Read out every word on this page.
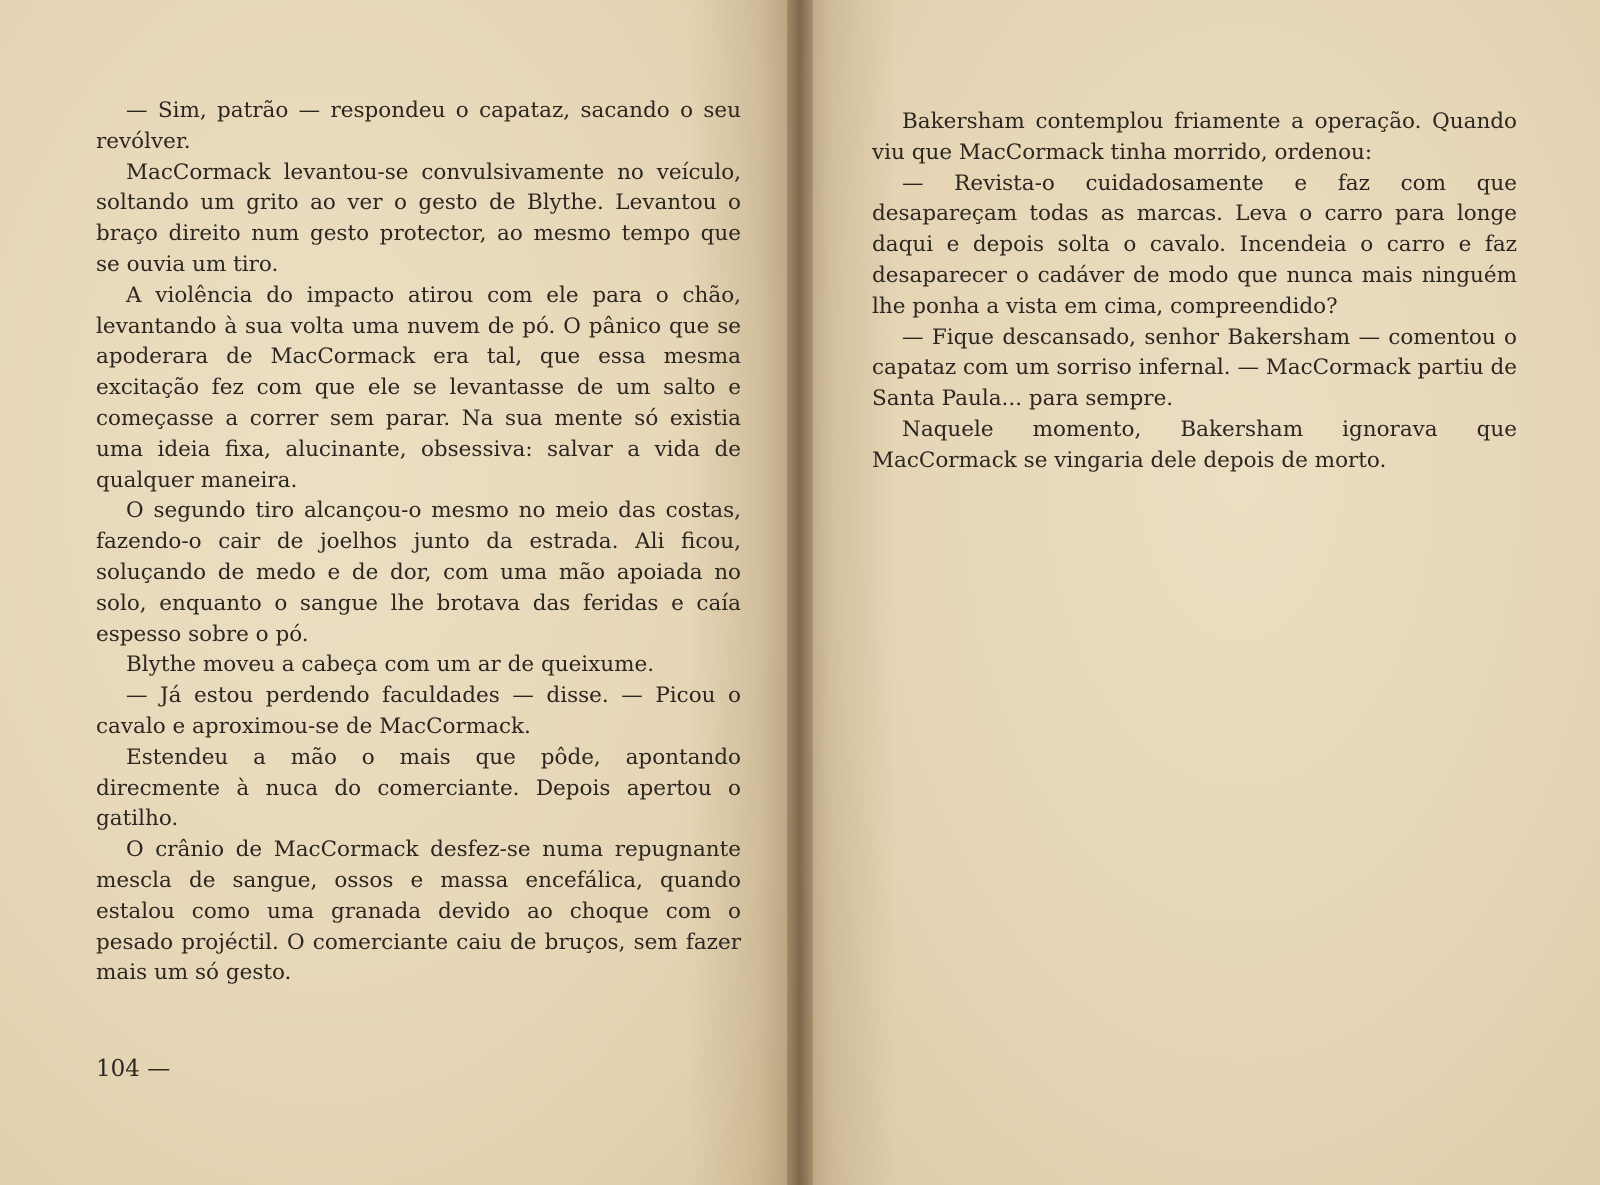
— Sim, patrão — respondeu o capataz, sacando o seu revólver.

MacCormack levantou-se convulsivamente no veículo, soltando um grito ao ver o gesto de Blythe. Levantou o braço direito num gesto protector, ao mesmo tempo que se ouvia um tiro.

A violência do impacto atirou com ele para o chão, levantando à sua volta uma nuvem de pó. O pânico que se apoderara de MacCormack era tal, que essa mesma excitação fez com que ele se levantasse de um salto e começasse a correr sem parar. Na sua mente só existia uma ideia fixa, alucinante, obsessiva: salvar a vida de qualquer maneira.

O segundo tiro alcançou-o mesmo no meio das costas, fazendo-o cair de joelhos junto da estrada. Ali ficou, soluçando de medo e de dor, com uma mão apoiada no solo, enquanto o sangue lhe brotava das feridas e caía espesso sobre o pó.

Blythe moveu a cabeça com um ar de queixume.

— Já estou perdendo faculdades — disse. — Picou o cavalo e aproximou-se de MacCormack.

Estendeu a mão o mais que pôde, apontando direcmente à nuca do comerciante. Depois apertou o gatilho.

O crânio de MacCormack desfez-se numa repugnante mescla de sangue, ossos e massa encefálica, quando estalou como uma granada devido ao choque com o pesado projéctil. O comerciante caiu de bruços, sem fazer mais um só gesto.

104 —

Bakersham contemplou friamente a operação. Quando viu que MacCormack tinha morrido, ordenou:

— Revista-o cuidadosamente e faz com que desapareçam todas as marcas. Leva o carro para longe daqui e depois solta o cavalo. Incendeia o carro e faz desaparecer o cadáver de modo que nunca mais ninguém lhe ponha a vista em cima, compreendido?

— Fique descansado, senhor Bakersham — comentou o capataz com um sorriso infernal. — MacCormack partiu de Santa Paula... para sempre.

Naquele momento, Bakersham ignorava que MacCormack se vingaria dele depois de morto.
